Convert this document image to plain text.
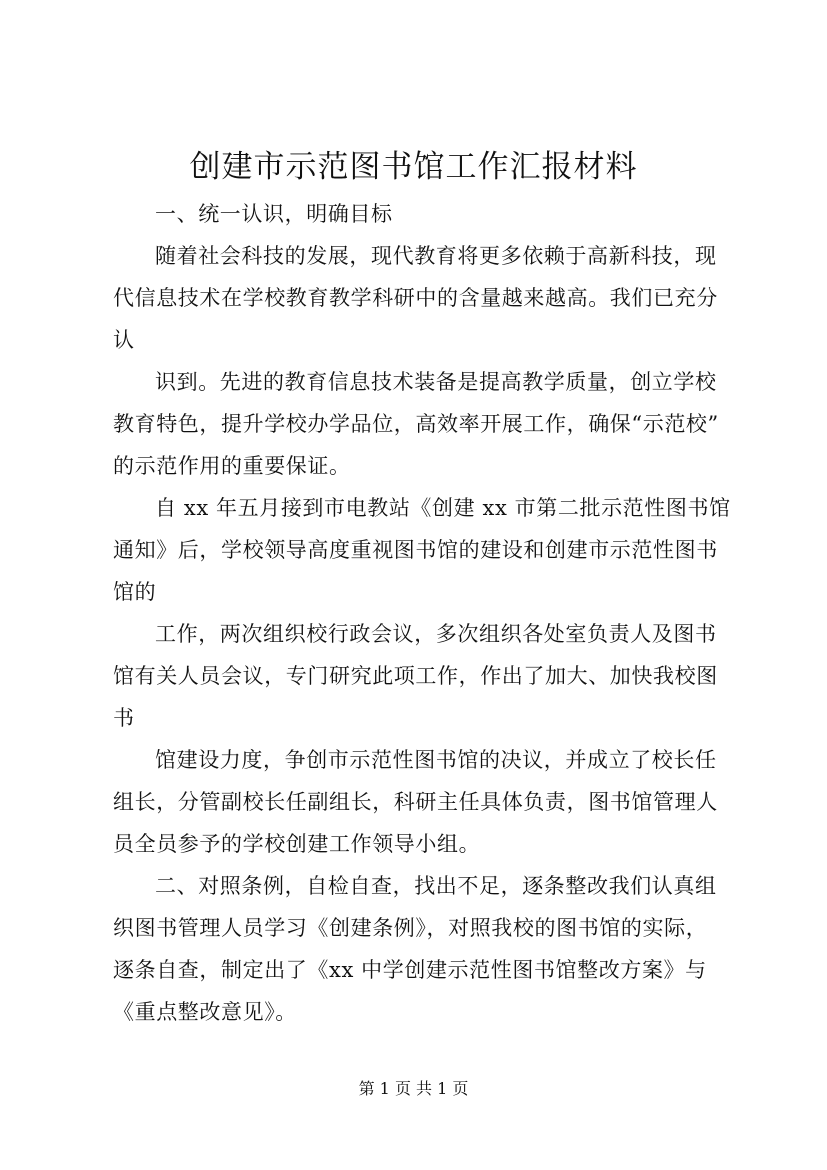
创建市示范图书馆工作汇报材料
一、统一认识，明确目标
随着社会科技的发展，现代教育将更多依赖于高新科技，现
代信息技术在学校教育教学科研中的含量越来越高。我们已充分
认
识到。先进的教育信息技术装备是提高教学质量，创立学校
教育特色，提升学校办学品位，高效率开展工作，确保“示范校”
的示范作用的重要保证。
自 xx 年五月接到市电教站《创建 xx 市第二批示范性图书馆
通知》后，学校领导高度重视图书馆的建设和创建市示范性图书
馆的
工作，两次组织校行政会议，多次组织各处室负责人及图书
馆有关人员会议，专门研究此项工作，作出了加大、加快我校图
书
馆建设力度，争创市示范性图书馆的决议，并成立了校长任
组长，分管副校长任副组长，科研主任具体负责，图书馆管理人
员全员参予的学校创建工作领导小组。
二、对照条例，自检自查，找出不足，逐条整改我们认真组
织图书管理人员学习《创建条例》，对照我校的图书馆的实际，
逐条自查，制定出了《xx 中学创建示范性图书馆整改方案》与
《重点整改意见》。
第 1 页 共 1 页
